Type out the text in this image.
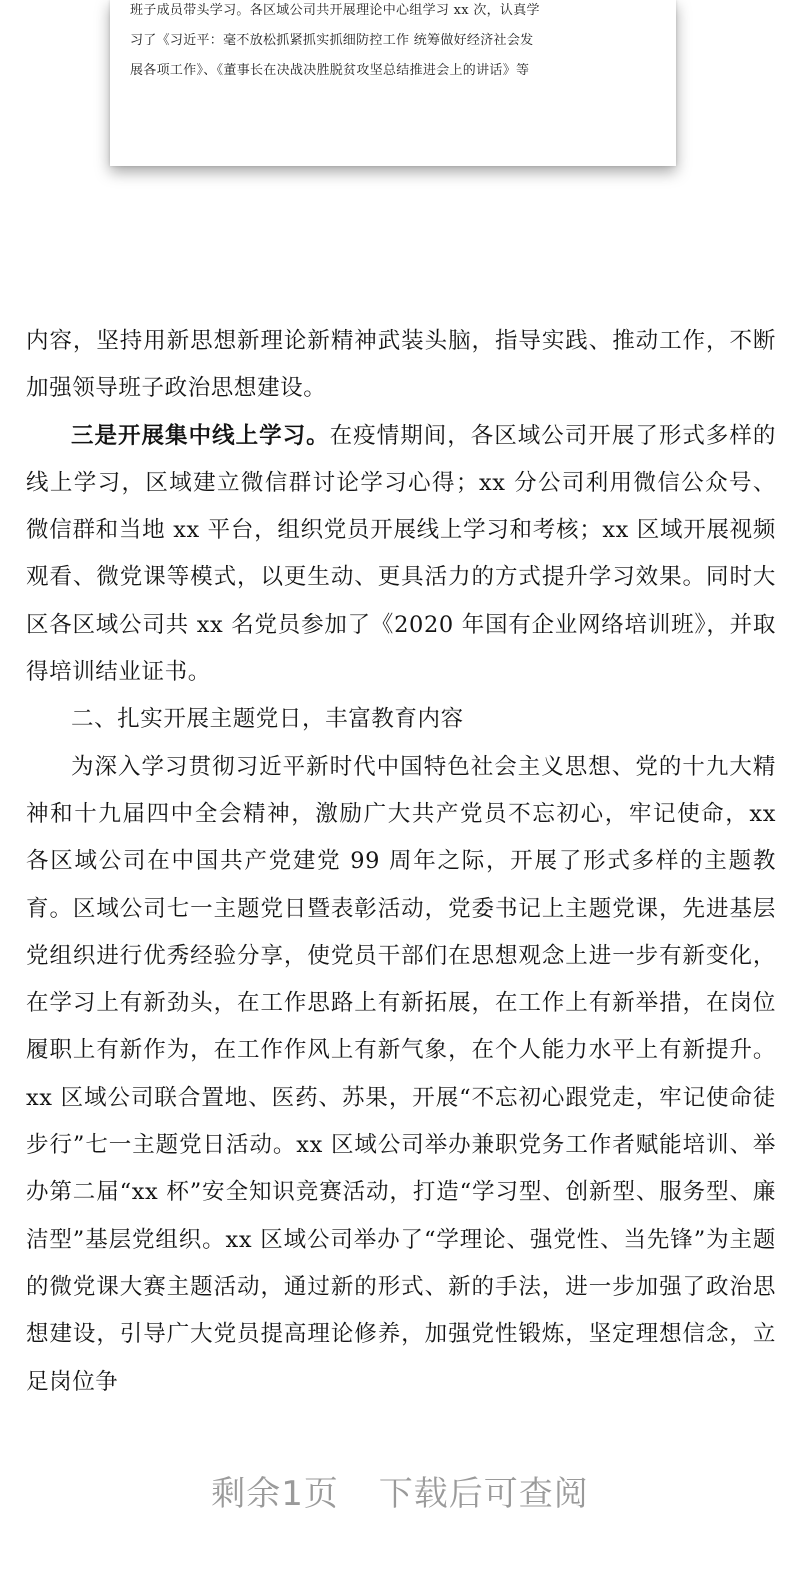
班子成员带头学习。各区域公司共开展理论中心组学习 xx 次，认真学

习了《习近平：毫不放松抓紧抓实抓细防控工作 统筹做好经济社会发

展各项工作》、《董事长在决战决胜脱贫攻坚总结推进会上的讲话》等

内容，坚持用新思想新理论新精神武装头脑，指导实践、推动工作，不断加强领导班子政治思想建设。

三是开展集中线上学习。在疫情期间，各区域公司开展了形式多样的线上学习，区域建立微信群讨论学习心得；xx 分公司利用微信公众号、微信群和当地 xx 平台，组织党员开展线上学习和考核；xx 区域开展视频观看、微党课等模式，以更生动、更具活力的方式提升学习效果。同时大区各区域公司共 xx 名党员参加了《2020 年国有企业网络培训班》，并取得培训结业证书。

二、扎实开展主题党日，丰富教育内容

为深入学习贯彻习近平新时代中国特色社会主义思想、党的十九大精神和十九届四中全会精神，激励广大共产党员不忘初心，牢记使命，xx 各区域公司在中国共产党建党 99 周年之际，开展了形式多样的主题教育。区域公司七一主题党日暨表彰活动，党委书记上主题党课，先进基层党组织进行优秀经验分享，使党员干部们在思想观念上进一步有新变化，在学习上有新劲头，在工作思路上有新拓展，在工作上有新举措，在岗位履职上有新作为，在工作作风上有新气象，在个人能力水平上有新提升。xx 区域公司联合置地、医药、苏果，开展“不忘初心跟党走，牢记使命徒步行”七一主题党日活动。xx 区域公司举办兼职党务工作者赋能培训、举办第二届“xx 杯”安全知识竞赛活动，打造“学习型、创新型、服务型、廉洁型”基层党组织。xx 区域公司举办了“学理论、强党性、当先锋”为主题的微党课大赛主题活动，通过新的形式、新的手法，进一步加强了政治思想建设，引导广大党员提高理论修养，加强党性锻炼，坚定理想信念，立足岗位争

剩余1页 下载后可查阅
